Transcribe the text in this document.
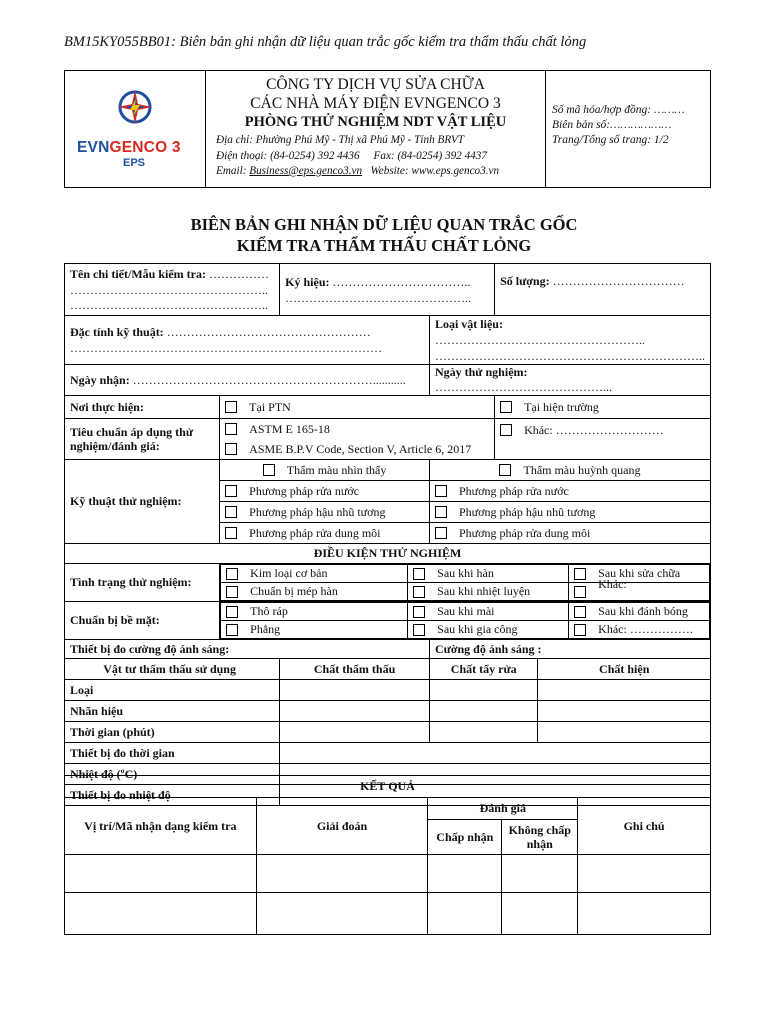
BM15KY055BB01: Biên bản ghi nhận dữ liệu quan trắc gốc kiểm tra thẩm thấu chất lỏng
EVNGENCO 3
EPS
CÔNG TY DỊCH VỤ SỬA CHỮA
CÁC NHÀ MÁY ĐIỆN EVNGENCO 3
PHÒNG THỬ NGHIỆM NDT VẬT LIỆU
Địa chỉ: Phường Phú Mỹ - Thị xã Phú Mỹ - Tỉnh BRVT
Điện thoại: (84-0254) 392 4436     Fax: (84-0254) 392 4437
Email: Business@eps.genco3.vn   Website: www.eps.genco3.vn
Số mã hóa/hợp đồng: ………
Biên bản số:………………
Trang/Tổng số trang: 1/2
BIÊN BẢN GHI NHẬN DỮ LIỆU QUAN TRẮC GỐC
KIỂM TRA THẨM THẤU CHẤT LỎNG
Tên chi tiết/Mẫu kiểm tra: ……………
…………………………………………..
…………………………………………..	Ký hiệu: ……………………………..
………………………………………..	Số lượng: ……………………………
Đặc tính kỹ thuật: ……………………………………………
……………………………………………………………………	Loại vật liệu: ……………………………………………..
…………………………………………………………..
Ngày nhận: ……………………………………………………...........	Ngày thử nghiệm: ……………………………………...
Nơi thực hiện:	Tại PTN	Tại hiện trường

Tiêu chuẩn áp dụng thử nghiệm/đánh giá:	
ASTM E 165-18
ASME B.P.V Code, Section V, Article 6, 2017

Khác: ………………………

Kỹ thuật thử nghiệm:	
Thẩm màu nhìn thấy	Thẩm màu huỳnh quang

Phương pháp rửa nước	Phương pháp rửa nước

Phương pháp hậu nhũ tương	Phương pháp hậu nhũ tương

Phương pháp rửa dung môi	Phương pháp rửa dung môi

ĐIỀU KIỆN THỬ NGHIỆM
Tình trạng thử nghiệm:	
Kim loại cơ bản	Sau khi hàn	Sau khi sửa chữa

Chuẩn bị mép hàn	Sau khi nhiệt luyện

Khác: ……………….

Chuẩn bị bề mặt:	
Thô ráp	Sau khi mài	Sau khi đánh bóng

Phẳng	Sau khi gia công	Khác: …………….

Thiết bị đo cường độ ánh sáng:	Cường độ ánh sáng :
Vật tư thẩm thấu sử dụng	Chất thẩm thấu	Chất tẩy rửa	Chất hiện
Loại			
Nhãn hiệu			
Thời gian (phút)			
Thiết bị đo thời gian	
Nhiệt độ (ºC)	
Thiết bị đo nhiệt độ	
KẾT QUẢ				
Vị trí/Mã nhận dạng kiểm tra	Giải đoán	Đánh giá		Ghi chú
		Chấp nhận	Không chấp nhận	
